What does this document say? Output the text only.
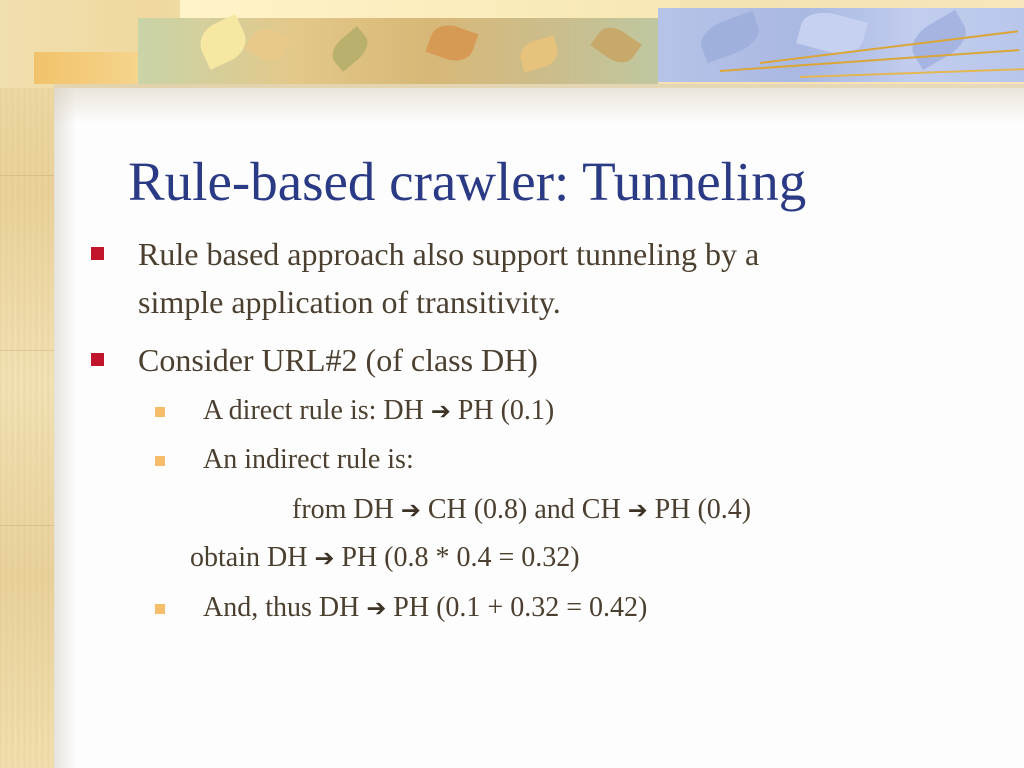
Rule-based crawler: Tunneling
Rule based approach also support tunneling by a
simple application of transitivity.
Consider URL#2 (of class DH)
A direct rule is: DH ➔ PH (0.1)
An indirect rule is:
from DH ➔ CH (0.8) and CH ➔ PH (0.4)
obtain DH ➔ PH (0.8 * 0.4 = 0.32)
And, thus DH ➔ PH (0.1 + 0.32 = 0.42)
